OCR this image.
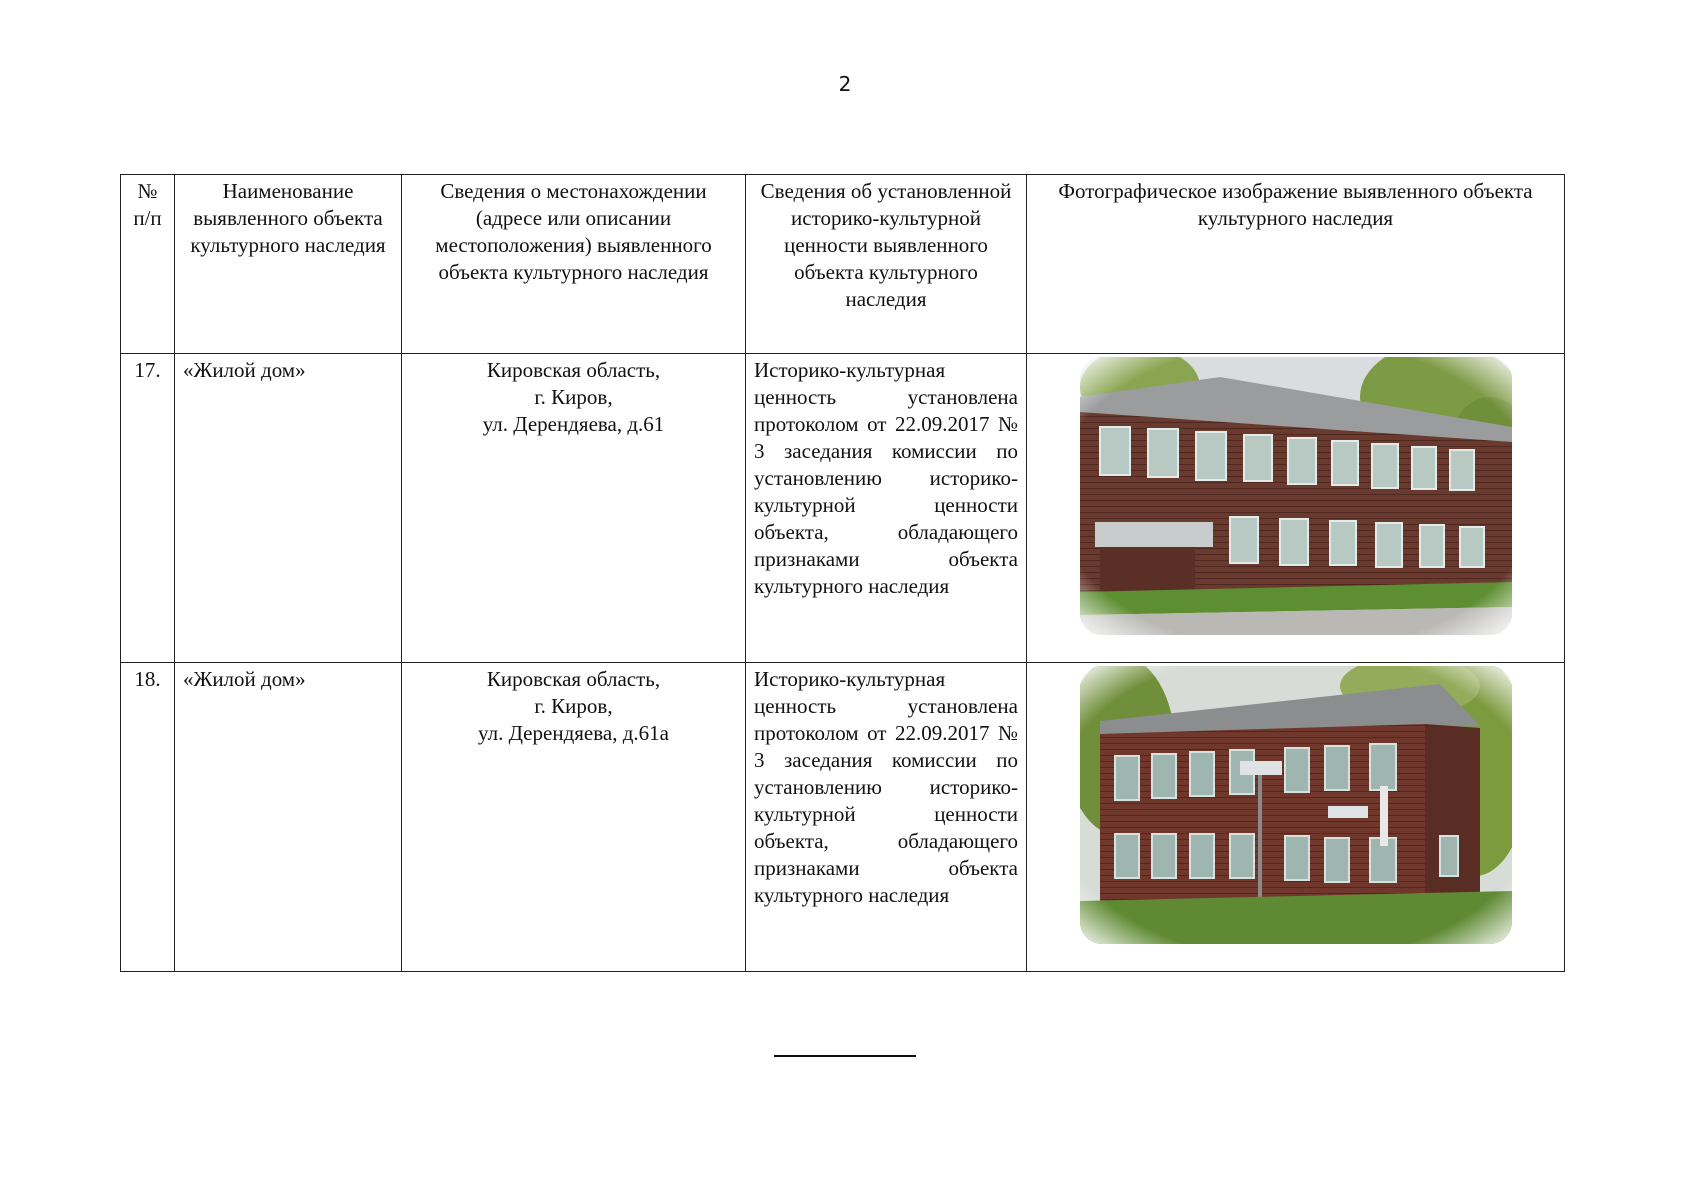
2
№ п/п	Наименование выявленного объекта культурного наследия	Сведения о местонахождении (адресе или описании местоположения) выявленного объекта культурного наследия	Сведения об установленной историко-культурной ценности выявленного объекта культурного наследия	Фотографическое изображение выявленного объекта культурного наследия
17.	«Жилой дом»	Кировская область,
г. Киров,
ул. Дерендяева, д.61	Историко-культурная ценность установлена протоколом от 22.09.2017 № 3 заседания комиссии по установлению историко-культурной ценности объекта, обладающего признаками объекта культурного наследия	

18.	«Жилой дом»	Кировская область,
г. Киров,
ул. Дерендяева, д.61а	Историко-культурная ценность установлена протоколом от 22.09.2017 № 3 заседания комиссии по установлению историко-культурной ценности объекта, обладающего признаками объекта культурного наследия	
